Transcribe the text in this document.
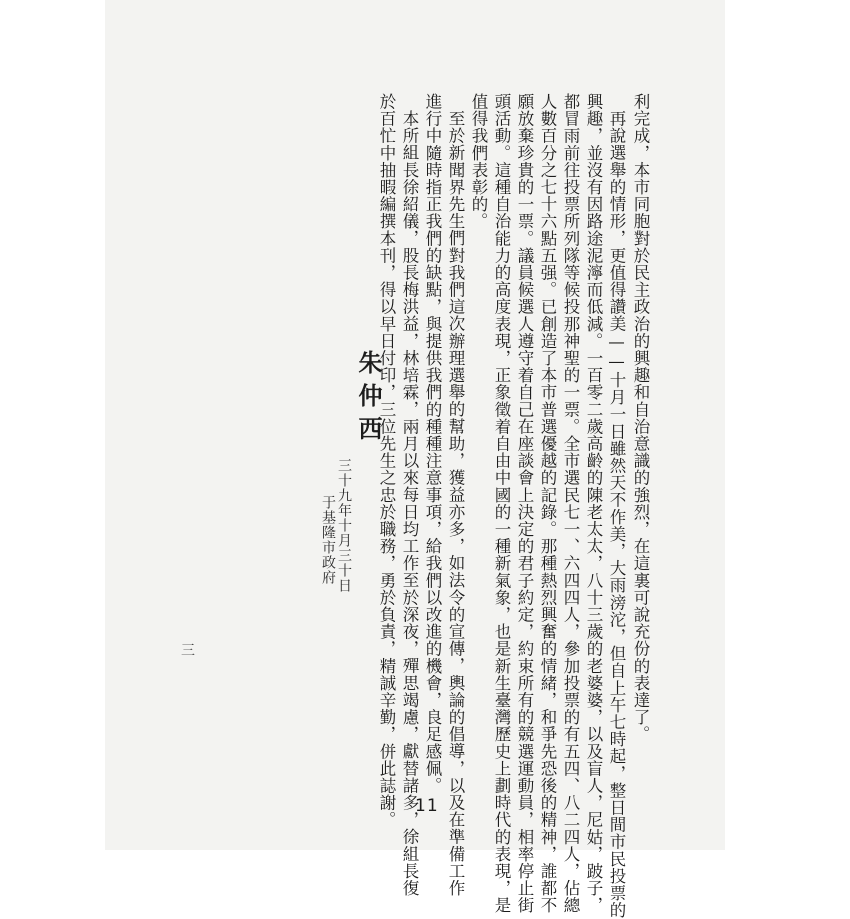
利完成，本市同胞對於民主政治的興趣和自治意識的強烈，在這裏可說充份的表達了。
再說選舉的情形，更值得讚美——十月一日雖然天不作美，大雨滂沱，但自上午七時起，整日間市民投票的
興趣，並沒有因路途泥濘而低減。一百零二歲高齡的陳老太太，八十三歲的老婆婆，以及盲人，尼姑，跛子，
都冒雨前往投票所列隊等候投那神聖的一票。全市選民七一、六四四人，參加投票的有五四、八二四人，佔總
人數百分之七十六點五强。已創造了本市普選優越的記錄。那種熱烈興奮的情緒，和爭先恐後的精神，誰都不
願放棄珍貴的一票。議員候選人遵守着自己在座談會上決定的君子約定，約束所有的競選運動員，相率停止街
頭活動。這種自治能力的高度表現，正象徵着自由中國的一種新氣象，也是新生臺灣歷史上劃時代的表現，是
值得我們表彰的。
至於新聞界先生們對我們這次辦理選舉的幫助，獲益亦多，如法令的宣傳，輿論的倡導，以及在準備工作
進行中隨時指正我們的缺點，與提供我們的種種注意事項，給我們以改進的機會，良足感佩。
本所組長徐紹儀，股長梅洪益，林培霖，兩月以來每日均工作至於深夜，殫思竭慮，獻替諸多，徐組長復
於百忙中抽暇編撰本刊，得以早日付印，三位先生之忠於職務，勇於負責，精誠辛勤，併此誌謝。
朱仲西
三十九年十月三十日
于基隆市政府
三
11
